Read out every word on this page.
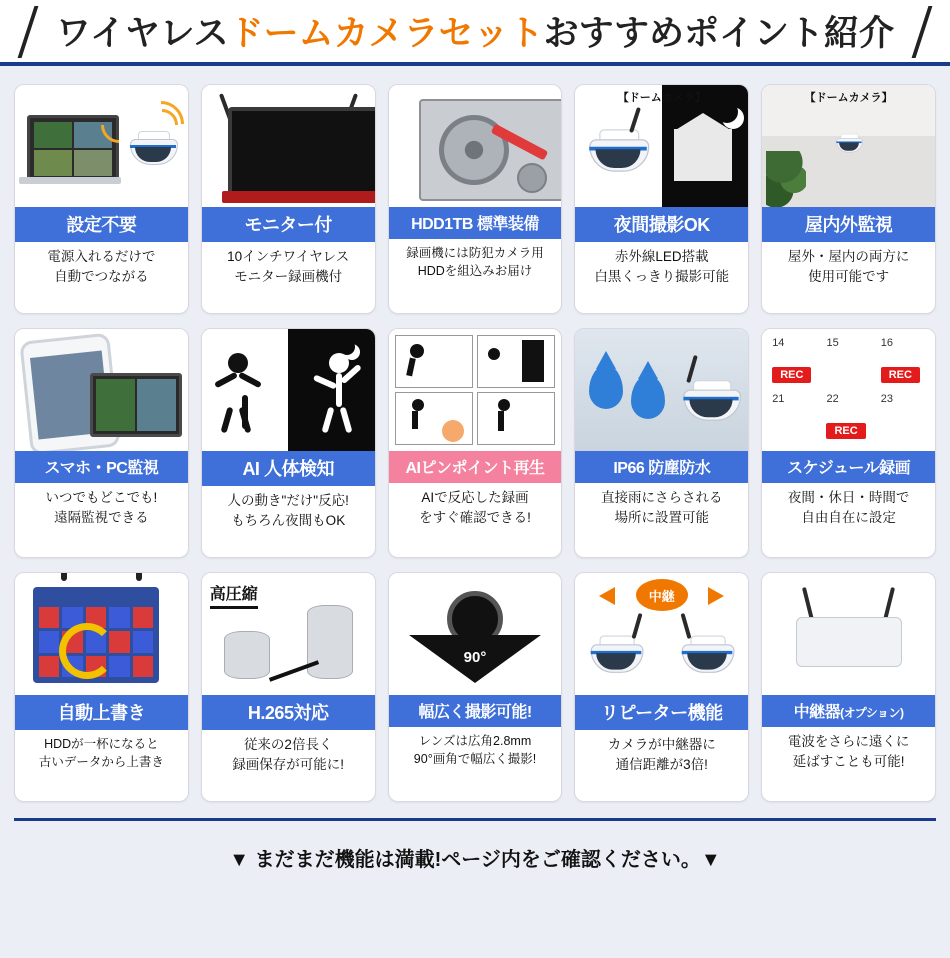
ワイヤレスドームカメラセットおすすめポイント紹介
設定不要
電源入れるだけで
自動でつながる
モニター付
10インチワイヤレス
モニター録画機付
HDD1TB 標準装備
録画機には防犯カメラ用
HDDを組込みお届け
【ドームカメラ】
夜間撮影OK
赤外線LED搭載
白黒くっきり撮影可能
【ドームカメラ】
屋内外監視
屋外・屋内の両方に
使用可能です
スマホ・PC監視
いつでもどこでも!
遠隔監視できる
AI 人体検知
人の動き"だけ"反応!
もちろん夜間もOK
AIピンポイント再生
AIで反応した録画
をすぐ確認できる!
IP66 防塵防水
直接雨にさらされる
場所に設置可能
14
REC
15	16
REC
21	22
REC
23
スケジュール録画
夜間・休日・時間で
自由自在に設定
自動上書き
HDDが一杯になると
古いデータから上書き
高圧縮
H.265対応
従来の2倍長く
録画保存が可能に!
90°
幅広く撮影可能!
レンズは広角2.8mm
90°画角で幅広く撮影!
中継
リピーター機能
カメラが中継器に
通信距離が3倍!
中継器(オプション)
電波をさらに遠くに
延ばすことも可能!
▼ まだまだ機能は満載!ページ内をご確認ください。▼
